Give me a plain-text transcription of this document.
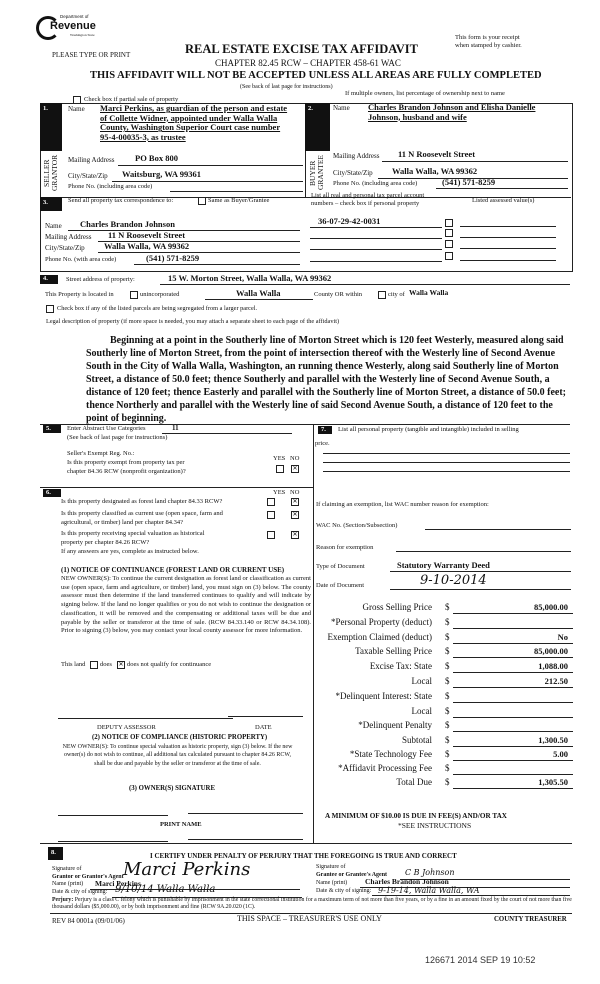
Department of
Revenue
Washington State
PLEASE TYPE OR PRINT	REAL ESTATE EXCISE TAX AFFIDAVIT
CHAPTER 82.45 RCW – CHAPTER 458-61 WAC
This form is your receipt
when stamped by cashier.
THIS AFFIDAVIT WILL NOT BE ACCEPTED UNLESS ALL AREAS ARE FULLY COMPLETED
(See back of last page for instructions)
Check box if partial sale of property
If multiple owners, list percentage of ownership next to name
1.	2.
SELLER GRANTOR	BUYER GRANTEE
Name Marci Perkins, as guardian of the person and estate
of Collette Widner, appointed under Walla Walla
County, Washington Superior Court case number
95-4-00035-3, as trustee
Mailing Address PO Box 800
City/State/Zip Waitsburg, WA 99361
Phone No. (including area code)
Name Charles Brandon Johnson and Elisha Danielle
Johnson, husband and wife
Mailing Address 11 N Roosevelt Street
City/State/Zip Walla Walla, WA 99362
Phone No. (including area code)	(541) 571-8259
3.	Send all property tax correspondence to:	Same as Buyer/Grantee
List all real and personal tax parcel account
numbers – check box if personal property	Listed assessed value(s)
Name Charles Brandon Johnson
Mailing Address 11 N Roosevelt Street
City/State/Zip Walla Walla, WA 99362
Phone No. (with area code)	(541) 571-8259
36-07-29-42-0031
4.	Street address of property:	15 W. Morton Street, Walla Walla, WA 99362
This Property is located in	unincorporated	Walla Walla	County OR within	city of Walla Walla
Check box if any of the listed parcels are being segregated from a larger parcel.
Legal description of property (if more space is needed, you may attach a separate sheet to each page of the affidavit)
Beginning at a point in the Southerly line of Morton Street which is 120 feet Westerly, measured along said Southerly line of Morton Street, from the point of intersection thereof with the Westerly line of Second Avenue South in the City of Walla Walla, Washington, an running thence Westerly, along said Southerly line of Morton Street, a distance of 50.0 feet; thence Southerly and parallel with the Westerly line of Second Avenue South, a distance of 120 feet; thence Easterly and parallel with the Southerly line of Morton Street, a distance of 50.0 feet; thence Northerly and parallel with the Westerly line of said Second Avenue South, a distance of 120 feet to the point of beginning.
5.	Enter Abstract Use Categories	11
(See back of last page for instructions)
Seller's Exempt Reg. No.:
Is this property exempt from property tax per
chapter 84.36 RCW (nonprofit organization)?
YES NO
✕
6.	YES NO
Is this property designated as forest land chapter 84.33 RCW?	✕
Is this property classified as current use (open space, farm and
agricultural, or timber) land per chapter 84.34?
✕
Is this property receiving special valuation as historical
property per chapter 84.26 RCW?
✕
If any answers are yes, complete as instructed below.
(1) NOTICE OF CONTINUANCE (FOREST LAND OR CURRENT USE)
NEW OWNER(S): To continue the current designation as forest land or classification as current use (open space, farm and agriculture, or timber) land, you must sign on (3) below. The county assessor must then determine if the land transferred continues to qualify and will indicate by signing below. If the land no longer qualifies or you do not wish to continue the designation or classification, it will be removed and the compensating or additional taxes will be due and payable by the seller or transferor at the time of sale. (RCW 84.33.140 or RCW 84.34.108). Prior to signing (3) below, you may contact your local county assessor for more information.
This land does ✕ does not qualify for continuance
DEPUTY ASSESSOR	DATE
(2) NOTICE OF COMPLIANCE (HISTORIC PROPERTY)
NEW OWNER(S): To continue special valuation as historic property, sign (3) below. If the new owner(s) do not wish to continue, all additional tax calculated pursuant to chapter 84.26 RCW, shall be due and payable by the seller or transferor at the time of sale.
(3) OWNER(S) SIGNATURE
PRINT NAME
7.	List all personal property (tangible and intangible) included in selling
price.
If claiming an exemption, list WAC number reason for exemption:
WAC No. (Section/Subsection)
Reason for exemption
Type of Document	Statutory Warranty Deed
Date of Document	9-10-2014
Gross Selling Price $	85,000.00
*Personal Property (deduct) $
Exemption Claimed (deduct) $	No
Taxable Selling Price $	85,000.00
Excise Tax: State $	1,088.00
Local $	212.50
*Delinquent Interest: State $
Local $
*Delinquent Penalty $
Subtotal $	1,300.50
*State Technology Fee $	5.00
*Affidavit Processing Fee $
Total Due $	1,305.50
A MINIMUM OF $10.00 IS DUE IN FEE(S) AND/OR TAX
*SEE INSTRUCTIONS
8.	I CERTIFY UNDER PENALTY OF PERJURY THAT THE FOREGOING IS TRUE AND CORRECT
Signature of
Grantor or Grantor's Agent Marci Perkins
Name (print) Marci Perkins
Date & city of signing: 9/10/14 Walla Walla
Signature of
Grantee or Grantee's Agent C B Johnson
Name (print) Charles Brandon Johnson
Date & city of signing: 9-19-14, Walla Walla, WA
Perjury: Perjury is a class C felony which is punishable by imprisonment in the state correctional institution for a maximum term of not more than five years, or by a fine in an amount fixed by the court of not more than five thousand dollars ($5,000.00), or by both imprisonment and fine (RCW 9A.20.020 (1C).
REV 84 0001a (09/01/06)	THIS SPACE – TREASURER'S USE ONLY	COUNTY TREASURER
126671 2014 SEP 19 10:52
